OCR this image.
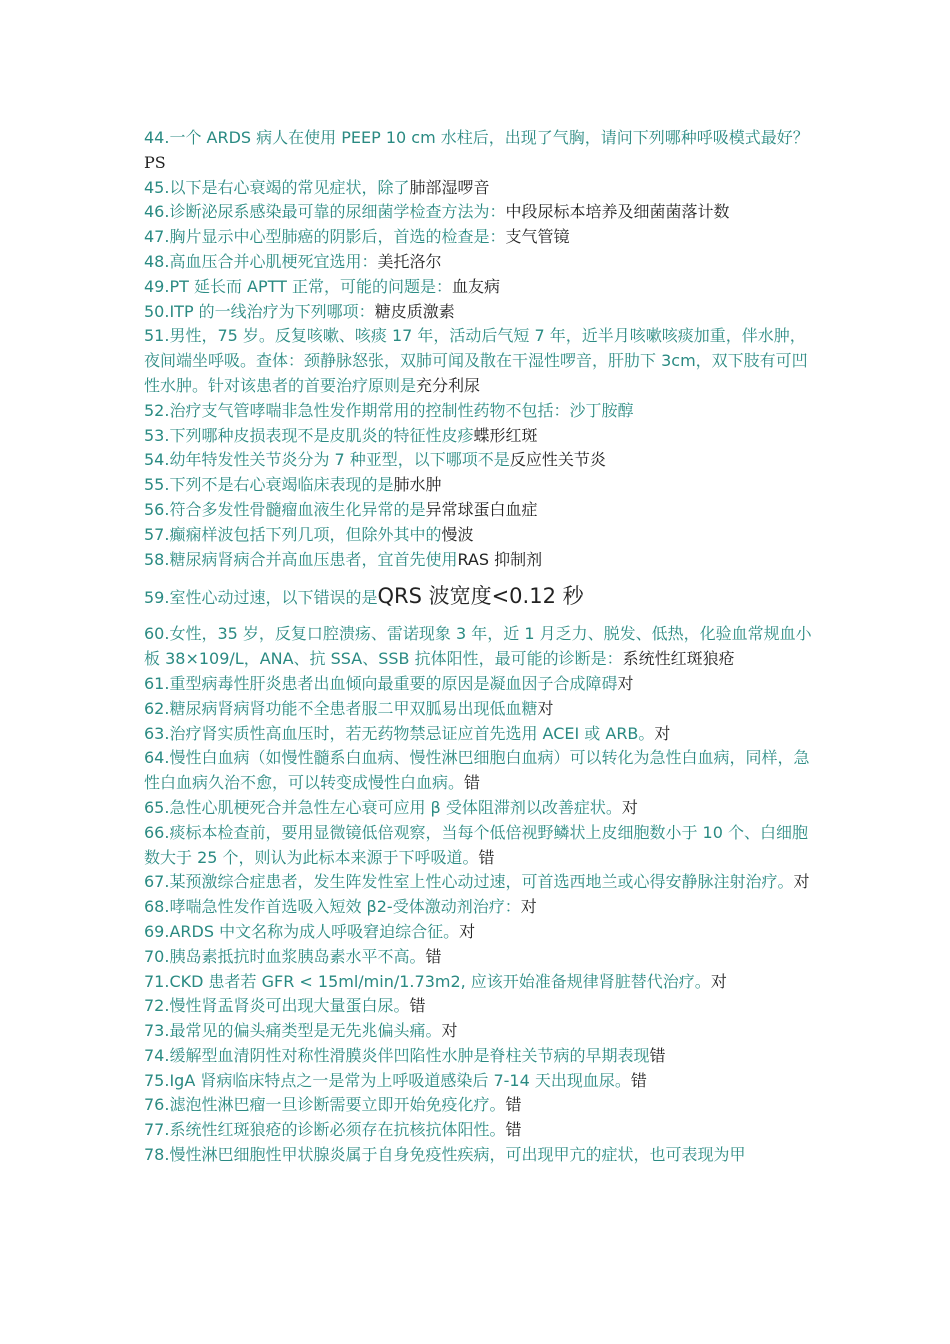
44.一个 ARDS 病人在使用 PEEP 10 cm 水柱后，出现了气胸，请问下列哪种呼吸模式最好？PS

45.以下是右心衰竭的常见症状，除了肺部湿啰音

46.诊断泌尿系感染最可靠的尿细菌学检查方法为：中段尿标本培养及细菌菌落计数

47.胸片显示中心型肺癌的阴影后，首选的检查是：支气管镜

48.高血压合并心肌梗死宜选用：美托洛尔

49.PT 延长而 APTT 正常，可能的问题是：血友病

50.ITP 的一线治疗为下列哪项：糖皮质激素

51.男性，75 岁。反复咳嗽、咳痰 17 年，活动后气短 7 年，近半月咳嗽咳痰加重，伴水肿，夜间端坐呼吸。查体：颈静脉怒张，双肺可闻及散在干湿性啰音，肝肋下 3cm，双下肢有可凹性水肿。针对该患者的首要治疗原则是充分利尿

52.治疗支气管哮喘非急性发作期常用的控制性药物不包括：沙丁胺醇

53.下列哪种皮损表现不是皮肌炎的特征性皮疹蝶形红斑

54.幼年特发性关节炎分为 7 种亚型，以下哪项不是反应性关节炎

55.下列不是右心衰竭临床表现的是肺水肿

56.符合多发性骨髓瘤血液生化异常的是异常球蛋白血症

57.癫痫样波包括下列几项，但除外其中的慢波

58.糖尿病肾病合并高血压患者，宜首先使用RAS 抑制剂

59.室性心动过速，以下错误的是QRS 波宽度<0.12 秒

60.女性，35 岁，反复口腔溃疡、雷诺现象 3 年，近 1 月乏力、脱发、低热，化验血常规血小板 38×109/L，ANA、抗 SSA、SSB 抗体阳性，最可能的诊断是：系统性红斑狼疮

61.重型病毒性肝炎患者出血倾向最重要的原因是凝血因子合成障碍对

62.糖尿病肾病肾功能不全患者服二甲双胍易出现低血糖对

63.治疗肾实质性高血压时，若无药物禁忌证应首先选用 ACEI 或 ARB。对

64.慢性白血病（如慢性髓系白血病、慢性淋巴细胞白血病）可以转化为急性白血病，同样，急性白血病久治不愈，可以转变成慢性白血病。错

65.急性心肌梗死合并急性左心衰可应用 β 受体阻滞剂以改善症状。对

66.痰标本检查前，要用显微镜低倍观察，当每个低倍视野鳞状上皮细胞数小于 10 个、白细胞数大于 25 个，则认为此标本来源于下呼吸道。错

67.某预激综合症患者，发生阵发性室上性心动过速，可首选西地兰或心得安静脉注射治疗。对

68.哮喘急性发作首选吸入短效 β2-受体激动剂治疗：对

69.ARDS 中文名称为成人呼吸窘迫综合征。对

70.胰岛素抵抗时血浆胰岛素水平不高。错

71.CKD 患者若 GFR < 15ml/min/1.73m2, 应该开始准备规律肾脏替代治疗。对

72.慢性肾盂肾炎可出现大量蛋白尿。错

73.最常见的偏头痛类型是无先兆偏头痛。对

74.缓解型血清阴性对称性滑膜炎伴凹陷性水肿是脊柱关节病的早期表现错

75.IgA 肾病临床特点之一是常为上呼吸道感染后 7-14 天出现血尿。错

76.滤泡性淋巴瘤一旦诊断需要立即开始免疫化疗。错

77.系统性红斑狼疮的诊断必须存在抗核抗体阳性。错

78.慢性淋巴细胞性甲状腺炎属于自身免疫性疾病，可出现甲亢的症状，也可表现为甲
